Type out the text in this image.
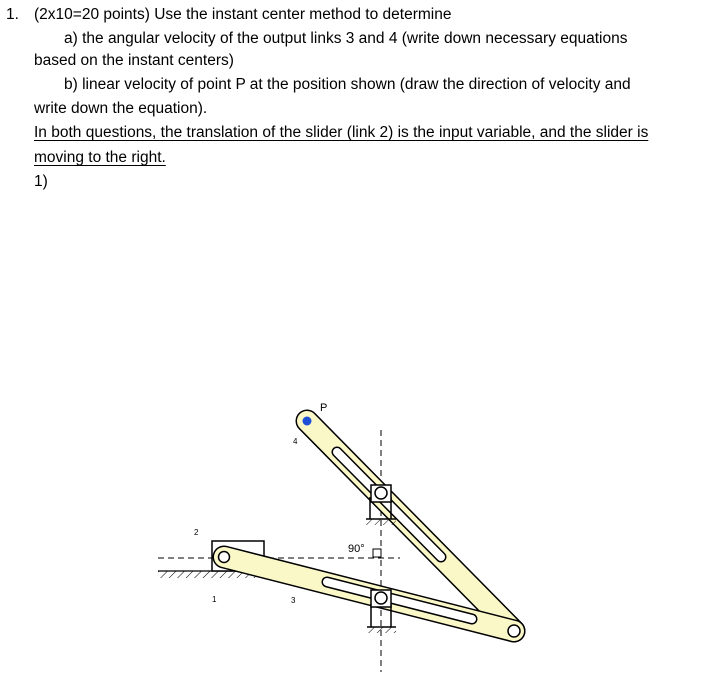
1. (2x10=20 points) Use the instant center method to determine
a) the angular velocity of the output links 3 and 4 (write down necessary equations
based on the instant centers)
b) linear velocity of point P at the position shown (draw the direction of velocity and
write down the equation).
In both questions, the translation of the slider (link 2) is the input variable, and the slider is
moving to the right.
1)
P
4
2
1	3
90°
